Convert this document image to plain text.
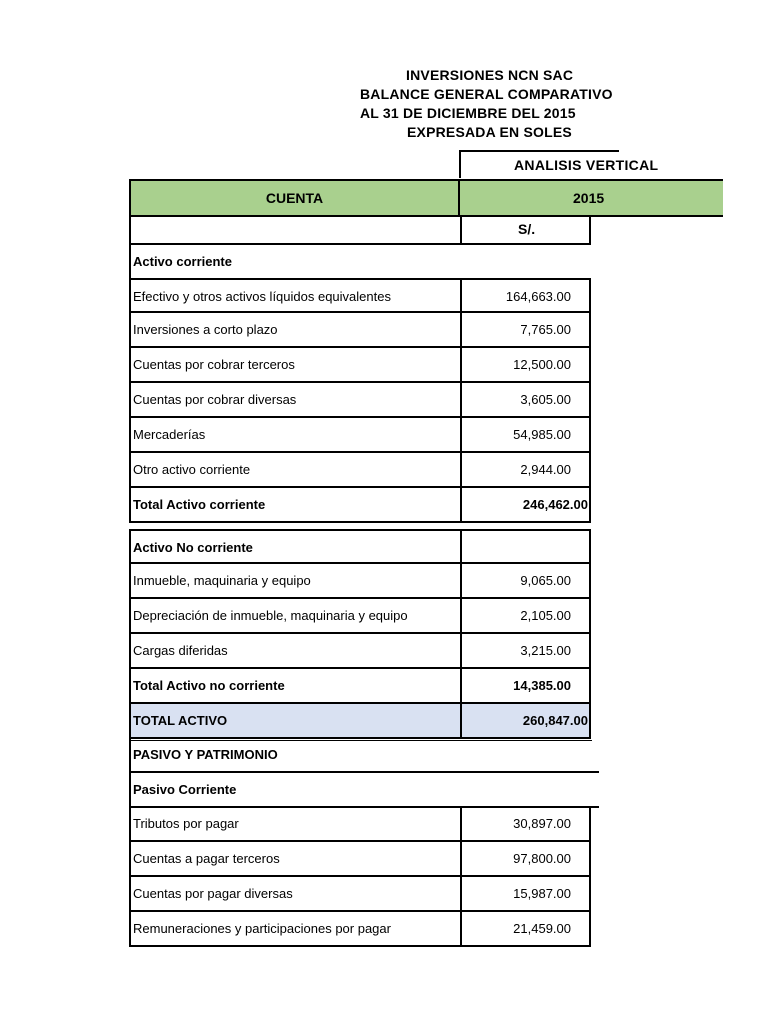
INVERSIONES NCN SAC
BALANCE GENERAL COMPARATIVO
AL 31 DE DICIEMBRE DEL 2015
EXPRESADA EN SOLES
ANALISIS VERTICAL
CUENTA	2015
S/.
Activo corriente
Efectivo y otros activos líquidos equivalentes	164,663.00
Inversiones a corto plazo	7,765.00
Cuentas por cobrar terceros	12,500.00
Cuentas por cobrar diversas	3,605.00
Mercaderías	54,985.00
Otro activo corriente	2,944.00
Total Activo corriente	246,462.00
Activo No corriente
Inmueble, maquinaria y equipo	9,065.00
Depreciación de inmueble, maquinaria y equipo	2,105.00
Cargas diferidas	3,215.00
Total Activo no corriente	14,385.00
TOTAL ACTIVO	260,847.00
PASIVO Y PATRIMONIO
Pasivo Corriente
Tributos por pagar	30,897.00
Cuentas a pagar terceros	97,800.00
Cuentas por pagar diversas	15,987.00
Remuneraciones y participaciones por pagar	21,459.00
